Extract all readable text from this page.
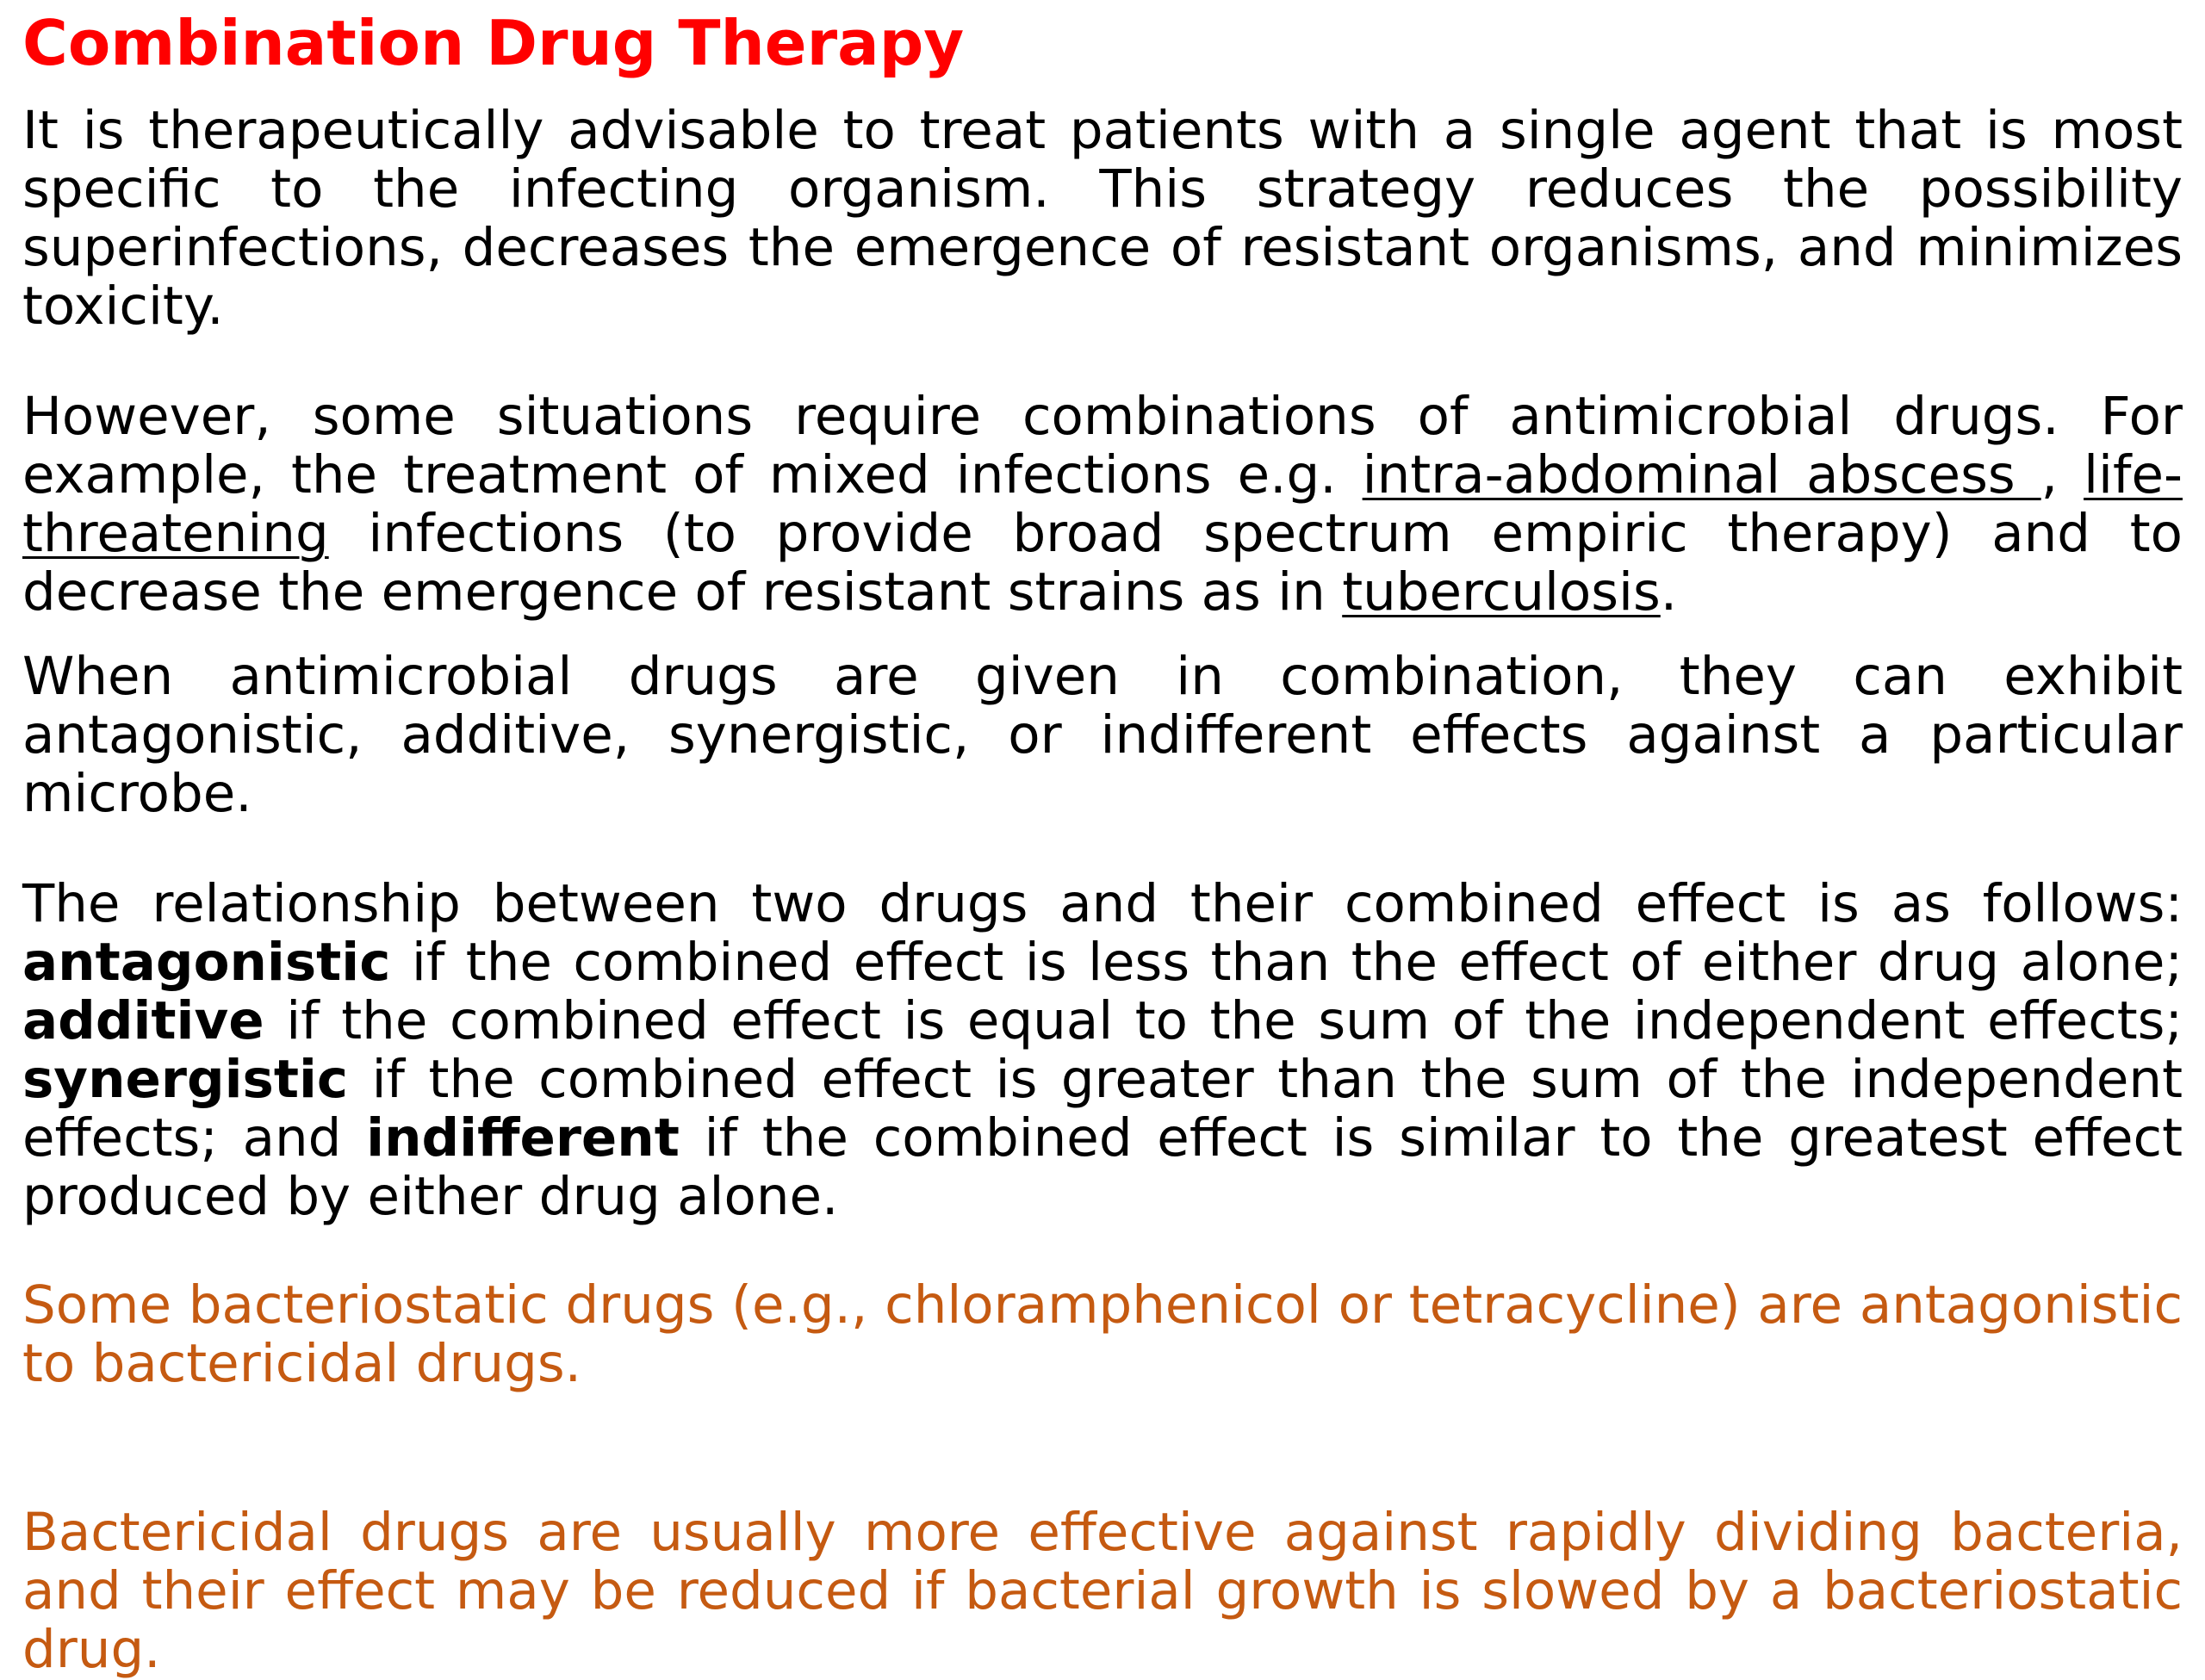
Combination Drug Therapy

It is therapeutically advisable to treat patients with a single agent that is most specific to the infecting organism. This strategy reduces the possibility superinfections, decreases the emergence of resistant organisms, and minimizes toxicity.

However, some situations require combinations of antimicrobial drugs. For example, the treatment of mixed infections e.g. intra-abdominal abscess , life-threatening infections (to provide broad spectrum empiric therapy) and to decrease the emergence of resistant strains as in tuberculosis.

When antimicrobial drugs are given in combination, they can exhibit antagonistic, additive, synergistic, or indifferent effects against a particular microbe.

The relationship between two drugs and their combined effect is as follows: antagonistic if the combined effect is less than the effect of either drug alone; additive if the combined effect is equal to the sum of the independent effects; synergistic if the combined effect is greater than the sum of the independent effects; and indifferent if the combined effect is similar to the greatest effect produced by either drug alone.

Some bacteriostatic drugs (e.g., chloramphenicol or tetracycline) are antagonistic to bactericidal drugs.

Bactericidal drugs are usually more effective against rapidly dividing bacteria, and their effect may be reduced if bacterial growth is slowed by a bacteriostatic drug.
